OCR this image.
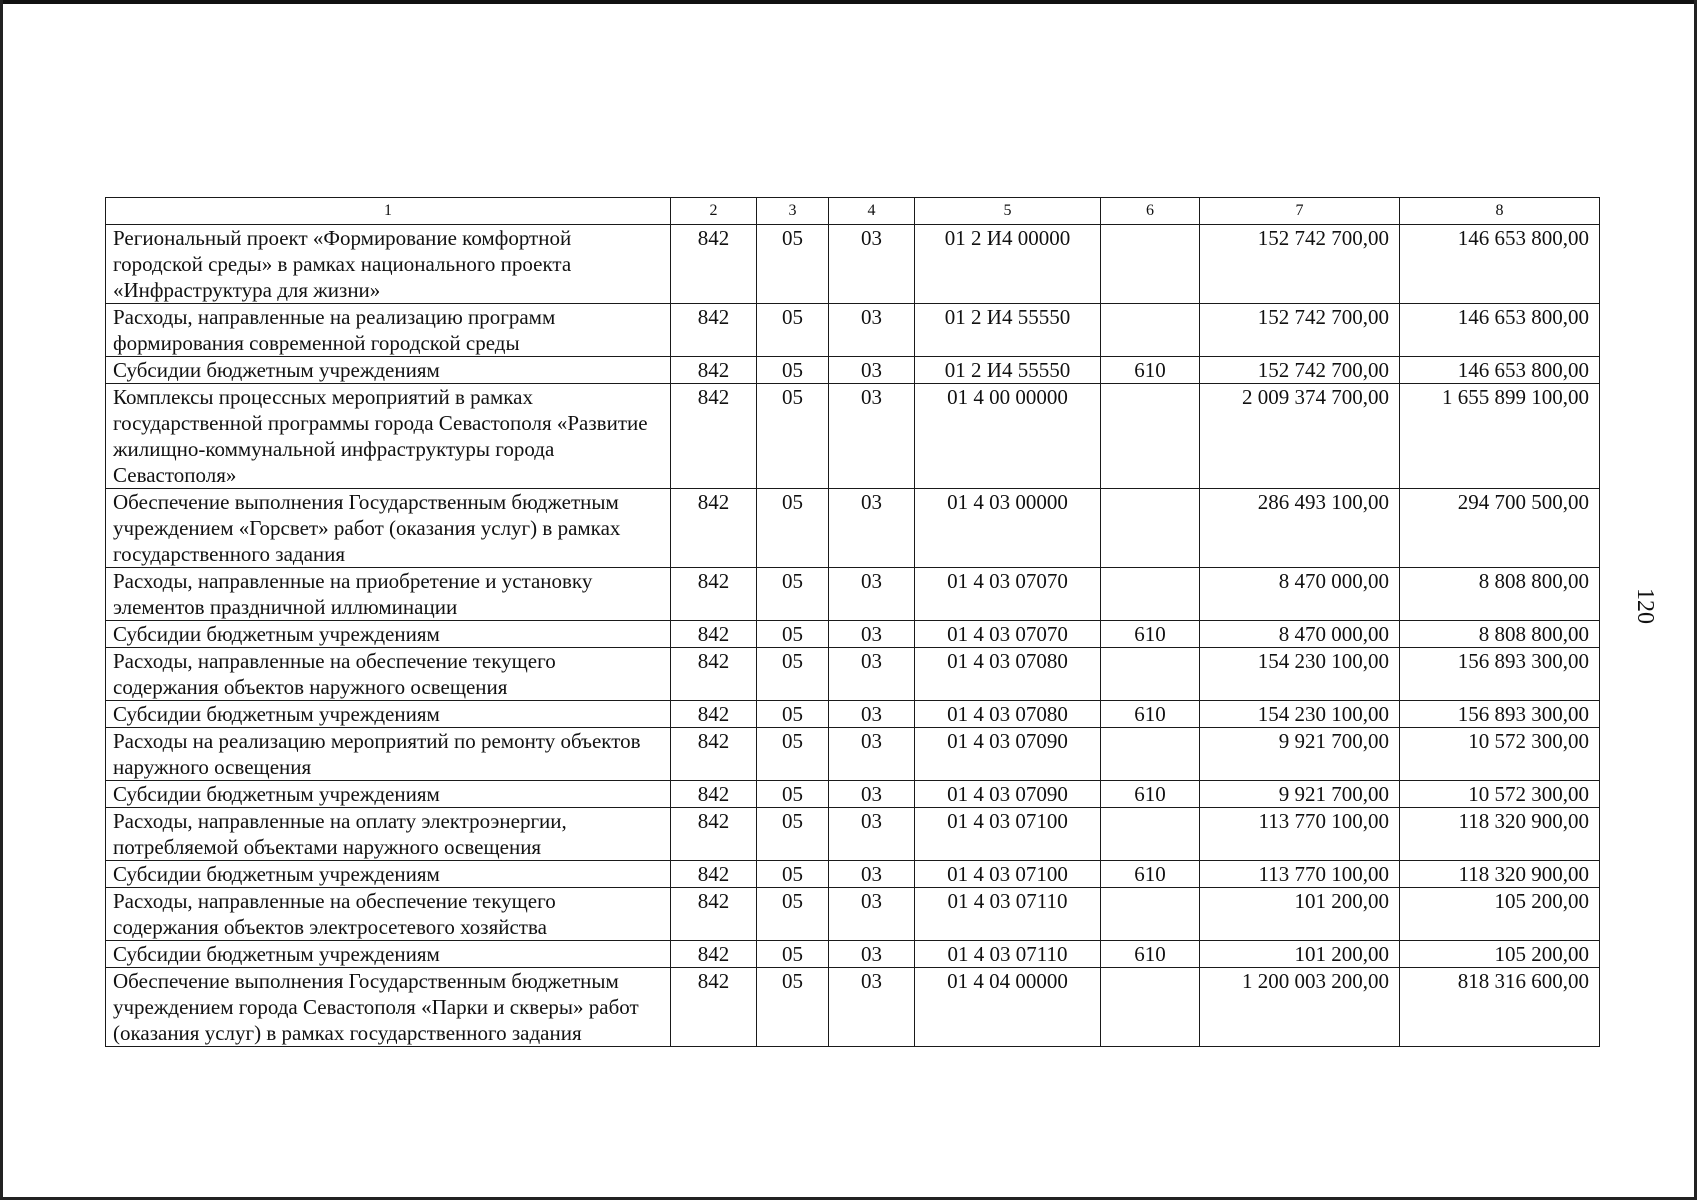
120
1	2	3	4	5	6	7	8
Региональный проект «Формирование комфортной городской среды» в рамках национального проекта «Инфраструктура для жизни»	842	05	03	01 2 И4 00000		152 742 700,00	146 653 800,00
Расходы, направленные на реализацию программ формирования современной городской среды	842	05	03	01 2 И4 55550		152 742 700,00	146 653 800,00
Субсидии бюджетным учреждениям	842	05	03	01 2 И4 55550	610	152 742 700,00	146 653 800,00
Комплексы процессных мероприятий в рамках государственной программы города Севастополя «Развитие жилищно-коммунальной инфраструктуры города Севастополя»	842	05	03	01 4 00 00000		2 009 374 700,00	1 655 899 100,00
Обеспечение выполнения Государственным бюджетным учреждением «Горсвет» работ (оказания услуг) в рамках государственного задания	842	05	03	01 4 03 00000		286 493 100,00	294 700 500,00
Расходы, направленные на приобретение и установку элементов праздничной иллюминации	842	05	03	01 4 03 07070		8 470 000,00	8 808 800,00
Субсидии бюджетным учреждениям	842	05	03	01 4 03 07070	610	8 470 000,00	8 808 800,00
Расходы, направленные на обеспечение текущего содержания объектов наружного освещения	842	05	03	01 4 03 07080		154 230 100,00	156 893 300,00
Субсидии бюджетным учреждениям	842	05	03	01 4 03 07080	610	154 230 100,00	156 893 300,00
Расходы на реализацию мероприятий по ремонту объектов наружного освещения	842	05	03	01 4 03 07090		9 921 700,00	10 572 300,00
Субсидии бюджетным учреждениям	842	05	03	01 4 03 07090	610	9 921 700,00	10 572 300,00
Расходы, направленные на оплату электроэнергии, потребляемой объектами наружного освещения	842	05	03	01 4 03 07100		113 770 100,00	118 320 900,00
Субсидии бюджетным учреждениям	842	05	03	01 4 03 07100	610	113 770 100,00	118 320 900,00
Расходы, направленные на обеспечение текущего содержания объектов электросетевого хозяйства	842	05	03	01 4 03 07110		101 200,00	105 200,00
Субсидии бюджетным учреждениям	842	05	03	01 4 03 07110	610	101 200,00	105 200,00
Обеспечение выполнения Государственным бюджетным учреждением города Севастополя «Парки и скверы» работ (оказания услуг) в рамках государственного задания	842	05	03	01 4 04 00000		1 200 003 200,00	818 316 600,00
